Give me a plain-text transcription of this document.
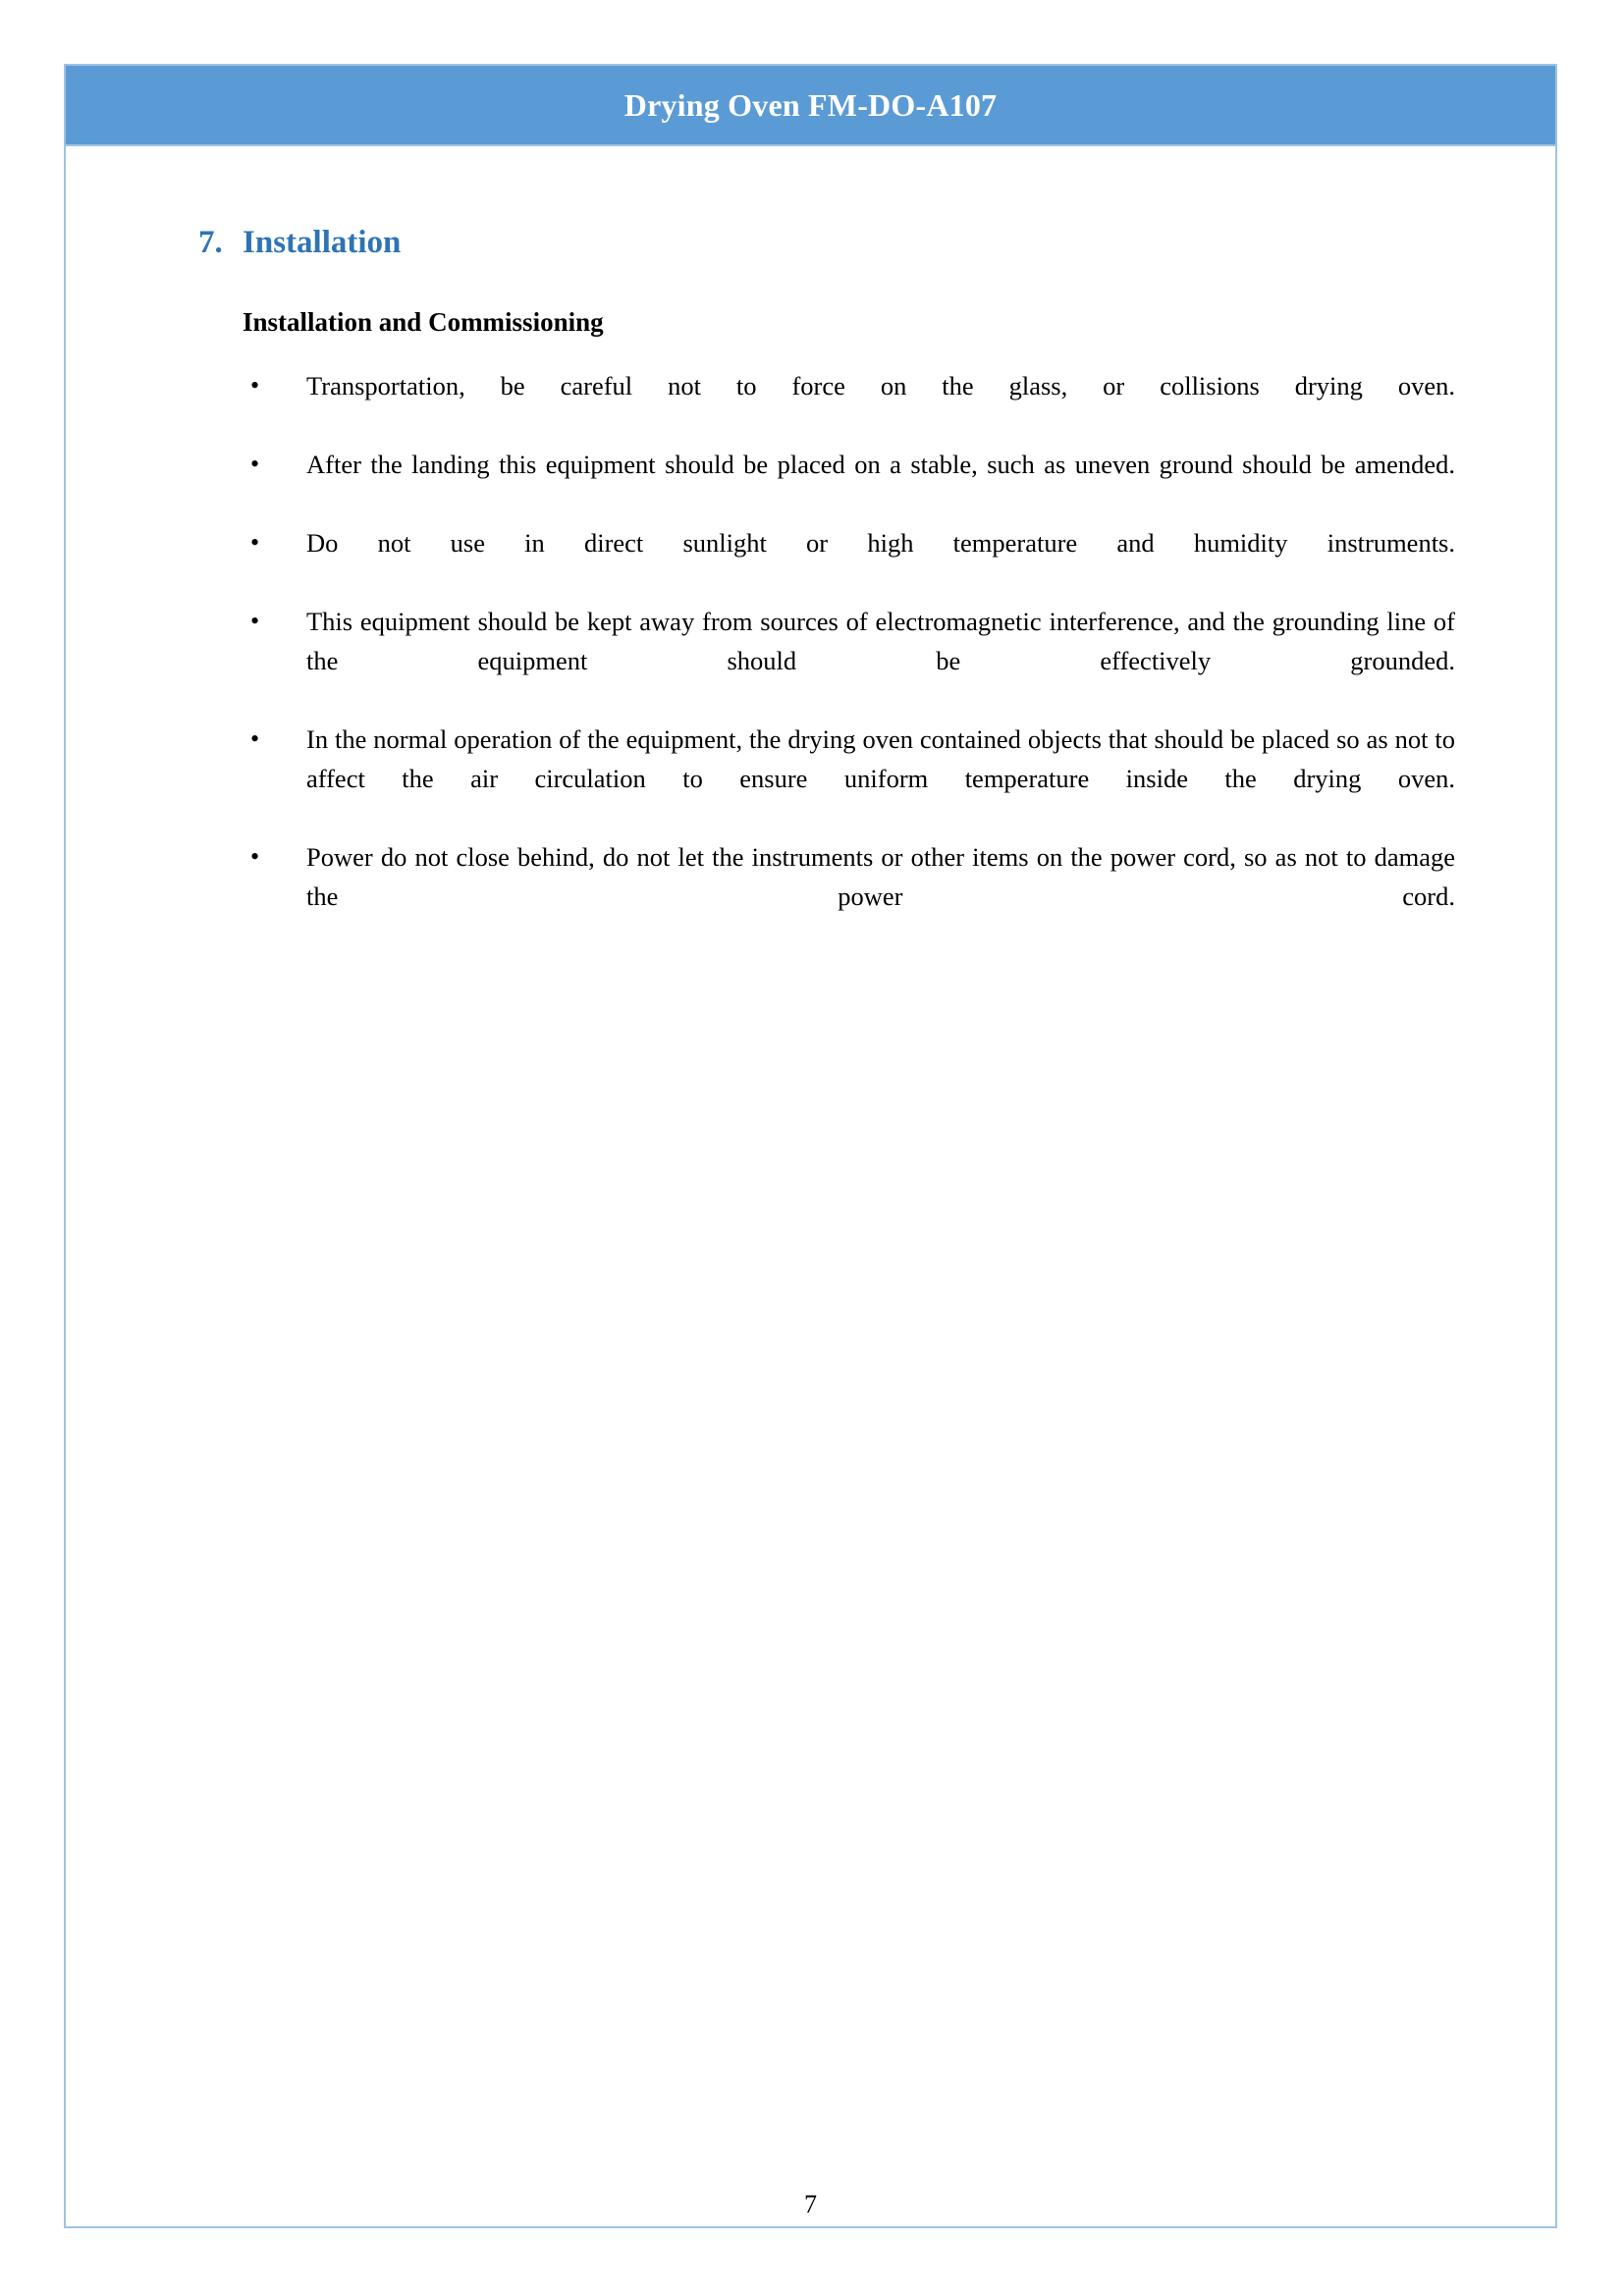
Drying Oven FM-DO-A107
7. Installation
Installation and Commissioning
• Transportation, be careful not to force on the glass, or collisions drying oven.
• After the landing this equipment should be placed on a stable, such as uneven ground should be amended.
• Do not use in direct sunlight or high temperature and humidity instruments.
• This equipment should be kept away from sources of electromagnetic interference, and the grounding line of the equipment should be effectively grounded.
• In the normal operation of the equipment, the drying oven contained objects that should be placed so as not to affect the air circulation to ensure uniform temperature inside the drying oven.
• Power do not close behind, do not let the instruments or other items on the power cord, so as not to damage the power cord.
7
